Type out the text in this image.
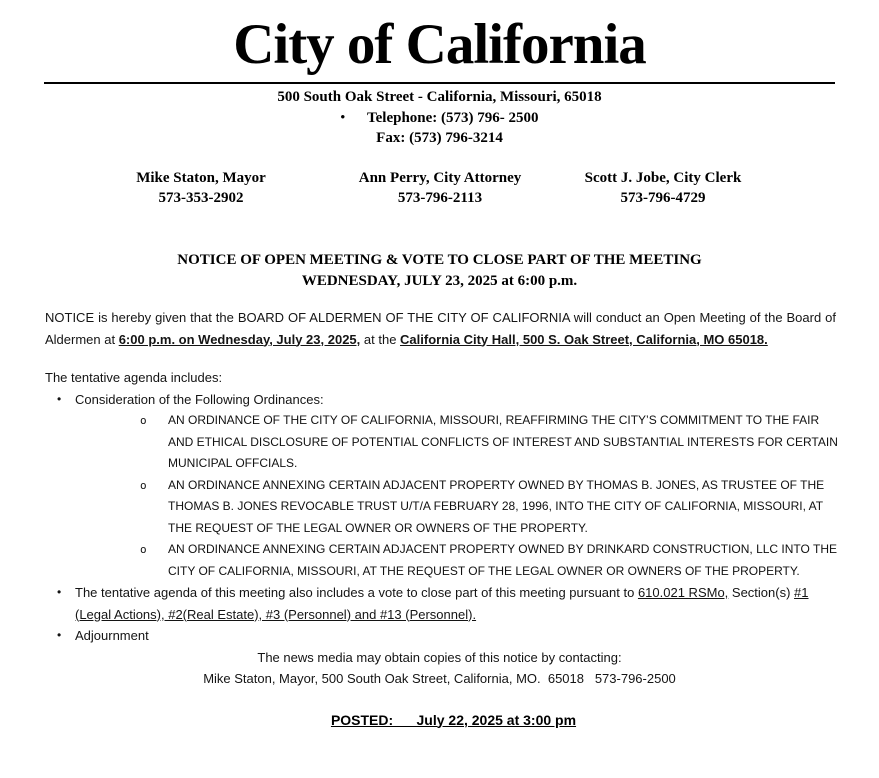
City of California
500 South Oak Street - California, Missouri, 65018
• Telephone: (573) 796- 2500
Fax: (573) 796-3214
Mike Staton, Mayor
573-353-2902
Ann Perry, City Attorney
573-796-2113
Scott J. Jobe, City Clerk
573-796-4729
NOTICE OF OPEN MEETING & VOTE TO CLOSE PART OF THE MEETING
WEDNESDAY, JULY 23, 2025 at 6:00 p.m.

NOTICE is hereby given that the BOARD OF ALDERMEN OF THE CITY OF CALIFORNIA will conduct an Open Meeting of the Board of Aldermen at 6:00 p.m. on Wednesday, July 23, 2025, at the California City Hall, 500 S. Oak Street, California, MO 65018.

The tentative agenda includes:
•	Consideration of the Following Ordinances:
o	AN ORDINANCE OF THE CITY OF CALIFORNIA, MISSOURI, REAFFIRMING THE CITY’S COMMITMENT TO THE FAIR AND ETHICAL DISCLOSURE OF POTENTIAL CONFLICTS OF INTEREST AND SUBSTANTIAL INTERESTS FOR CERTAIN MUNICIPAL OFFCIALS.
o	AN ORDINANCE ANNEXING CERTAIN ADJACENT PROPERTY OWNED BY THOMAS B. JONES, AS TRUSTEE OF THE THOMAS B. JONES REVOCABLE TRUST U/T/A FEBRUARY 28, 1996, INTO THE CITY OF CALIFORNIA, MISSOURI, AT THE REQUEST OF THE LEGAL OWNER OR OWNERS OF THE PROPERTY.
o	AN ORDINANCE ANNEXING CERTAIN ADJACENT PROPERTY OWNED BY DRINKARD CONSTRUCTION, LLC INTO THE CITY OF CALIFORNIA, MISSOURI, AT THE REQUEST OF THE LEGAL OWNER OR OWNERS OF THE PROPERTY.
•	The tentative agenda of this meeting also includes a vote to close part of this meeting pursuant to 610.021 RSMo, Section(s) #1 (Legal Actions), #2(Real Estate), #3 (Personnel) and #13 (Personnel).
•	Adjournment
The news media may obtain copies of this notice by contacting:
Mike Staton, Mayor, 500 South Oak Street, California, MO.  65018   573-796-2500
POSTED:      July 22, 2025 at 3:00 pm
